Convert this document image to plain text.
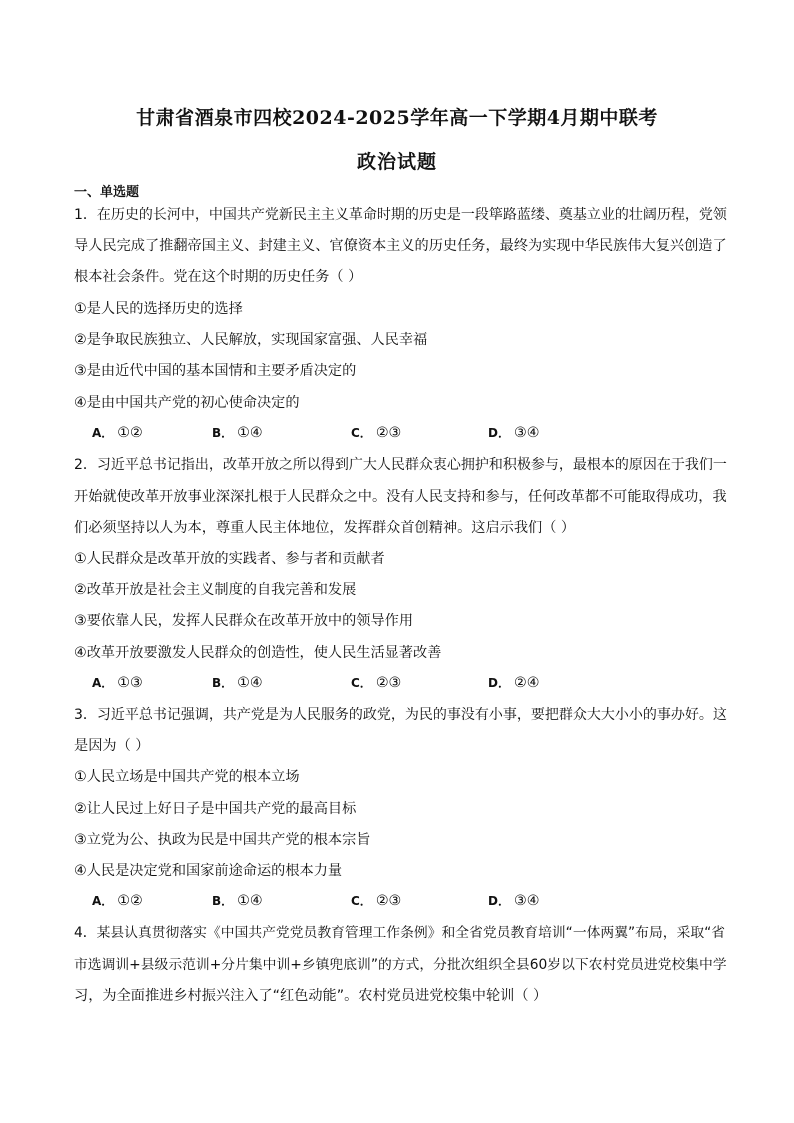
甘肃省酒泉市四校2024-2025学年高一下学期4月期中联考
政治试题
一、单选题
1．在历史的长河中，中国共产党新民主主义革命时期的历史是一段筚路蓝缕、奠基立业的壮阔历程，党领
导人民完成了推翻帝国主义、封建主义、官僚资本主义的历史任务，最终为实现中华民族伟大复兴创造了
根本社会条件。党在这个时期的历史任务（ ）
①是人民的选择历史的选择
②是争取民族独立、人民解放，实现国家富强、人民幸福
③是由近代中国的基本国情和主要矛盾决定的
④是由中国共产党的初心使命决定的
A． ①②	B． ①④	C． ②③	D． ③④
2．习近平总书记指出，改革开放之所以得到广大人民群众衷心拥护和积极参与，最根本的原因在于我们一
开始就使改革开放事业深深扎根于人民群众之中。没有人民支持和参与，任何改革都不可能取得成功，我
们必须坚持以人为本，尊重人民主体地位，发挥群众首创精神。这启示我们（ ）
①人民群众是改革开放的实践者、参与者和贡献者
②改革开放是社会主义制度的自我完善和发展
③要依靠人民，发挥人民群众在改革开放中的领导作用
④改革开放要激发人民群众的创造性，使人民生活显著改善
A． ①③	B． ①④	C． ②③	D． ②④
3．习近平总书记强调，共产党是为人民服务的政党，为民的事没有小事，要把群众大大小小的事办好。这
是因为（ ）
①人民立场是中国共产党的根本立场
②让人民过上好日子是中国共产党的最高目标
③立党为公、执政为民是中国共产党的根本宗旨
④人民是决定党和国家前途命运的根本力量
A． ①②	B． ①④	C． ②③	D． ③④
4．某县认真贯彻落实《中国共产党党员教育管理工作条例》和全省党员教育培训“一体两翼”布局，采取“省
市选调训+县级示范训+分片集中训+乡镇兜底训”的方式，分批次组织全县60岁以下农村党员进党校集中学
习，为全面推进乡村振兴注入了“红色动能”。农村党员进党校集中轮训（ ）
